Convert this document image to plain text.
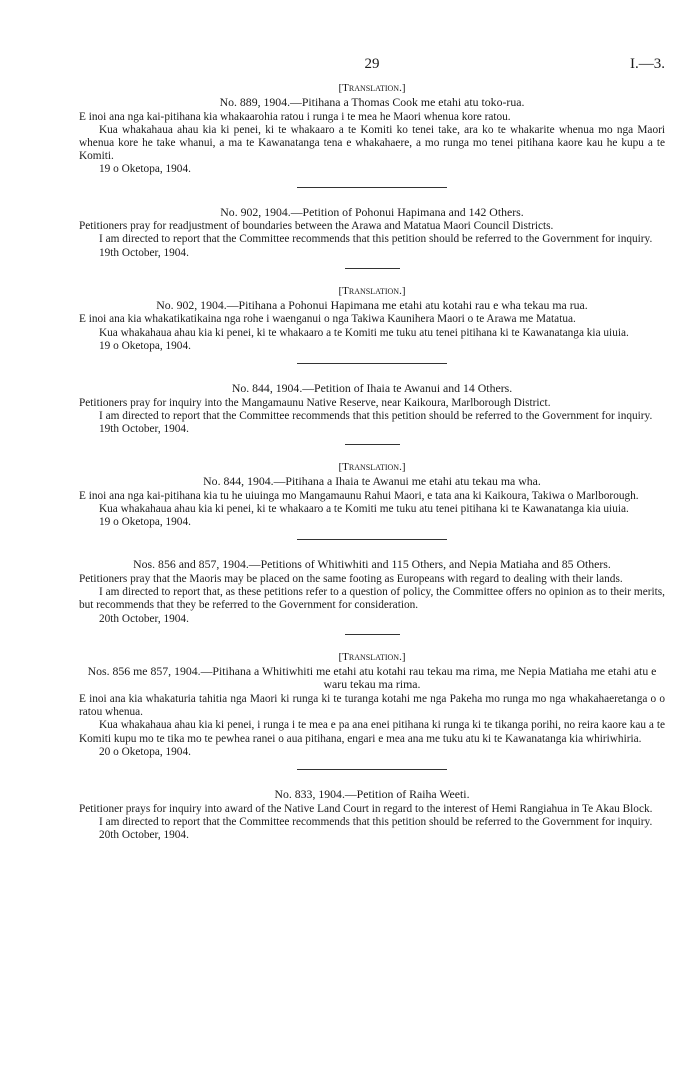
29	I.—3.
[Translation.]
No. 889, 1904.—Pitihana a Thomas Cook me etahi atu toko-rua.

E inoi ana nga kai-pitihana kia whakaarohia ratou i runga i te mea he Maori whenua kore ratou.

Kua whakahaua ahau kia ki penei, ki te whakaaro a te Komiti ko tenei take, ara ko te whakarite whenua mo nga Maori whenua kore he take whanui, a ma te Kawanatanga tena e whakahaere, a mo runga mo tenei pitihana kaore kau he kupu a te Komiti.

19 o Oketopa, 1904.

No. 902, 1904.—Petition of Pohonui Hapimana and 142 Others.

Petitioners pray for readjustment of boundaries between the Arawa and Matatua Maori Council Districts.

I am directed to report that the Committee recommends that this petition should be referred to the Government for inquiry.

19th October, 1904.

[Translation.]
No. 902, 1904.—Pitihana a Pohonui Hapimana me etahi atu kotahi rau e wha tekau ma rua.

E inoi ana kia whakatikatikaina nga rohe i waenganui o nga Takiwa Kaunihera Maori o te Arawa me Matatua.

Kua whakahaua ahau kia ki penei, ki te whakaaro a te Komiti me tuku atu tenei pitihana ki te Kawanatanga kia uiuia.

19 o Oketopa, 1904.

No. 844, 1904.—Petition of Ihaia te Awanui and 14 Others.

Petitioners pray for inquiry into the Mangamaunu Native Reserve, near Kaikoura, Marlborough District.

I am directed to report that the Committee recommends that this petition should be referred to the Government for inquiry.

19th October, 1904.

[Translation.]
No. 844, 1904.—Pitihana a Ihaia te Awanui me etahi atu tekau ma wha.

E inoi ana nga kai-pitihana kia tu he uiuinga mo Mangamaunu Rahui Maori, e tata ana ki Kaikoura, Takiwa o Marlborough.

Kua whakahaua ahau kia ki penei, ki te whakaaro a te Komiti me tuku atu tenei pitihana ki te Kawanatanga kia uiuia.

19 o Oketopa, 1904.

Nos. 856 and 857, 1904.—Petitions of Whitiwhiti and 115 Others, and Nepia Matiaha and 85 Others.

Petitioners pray that the Maoris may be placed on the same footing as Europeans with regard to dealing with their lands.

I am directed to report that, as these petitions refer to a question of policy, the Committee offers no opinion as to their merits, but recommends that they be referred to the Government for consideration.

20th October, 1904.

[Translation.]
Nos. 856 me 857, 1904.—Pitihana a Whitiwhiti me etahi atu kotahi rau tekau ma rima, me Nepia Matiaha me etahi atu e waru tekau ma rima.

E inoi ana kia whakaturia tahitia nga Maori ki runga ki te turanga kotahi me nga Pakeha mo runga mo nga whakahaeretanga o o ratou whenua.

Kua whakahaua ahau kia ki penei, i runga i te mea e pa ana enei pitihana ki runga ki te tikanga porihi, no reira kaore kau a te Komiti kupu mo te tika mo te pewhea ranei o aua pitihana, engari e mea ana me tuku atu ki te Kawanatanga kia whiriwhiria.

20 o Oketopa, 1904.

No. 833, 1904.—Petition of Raiha Weeti.

Petitioner prays for inquiry into award of the Native Land Court in regard to the interest of Hemi Rangiahua in Te Akau Block.

I am directed to report that the Committee recommends that this petition should be referred to the Government for inquiry.

20th October, 1904.
